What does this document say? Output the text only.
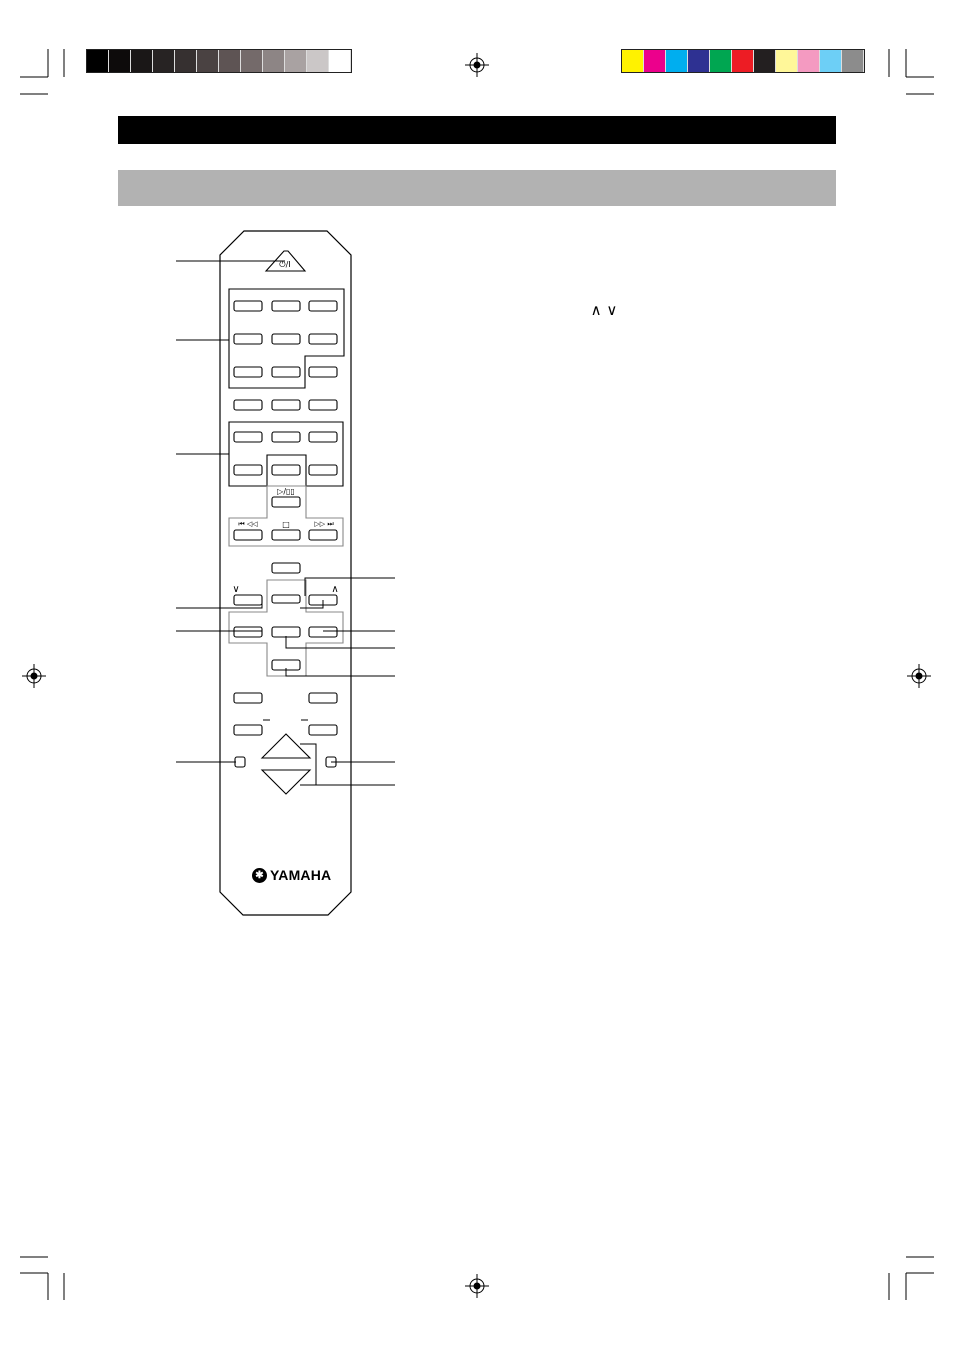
⏻/I
▷/▯▯
⏮ ◁◁	□	▷▷ ⏭
∨	∧
∧ ∨
✱ YAMAHA
